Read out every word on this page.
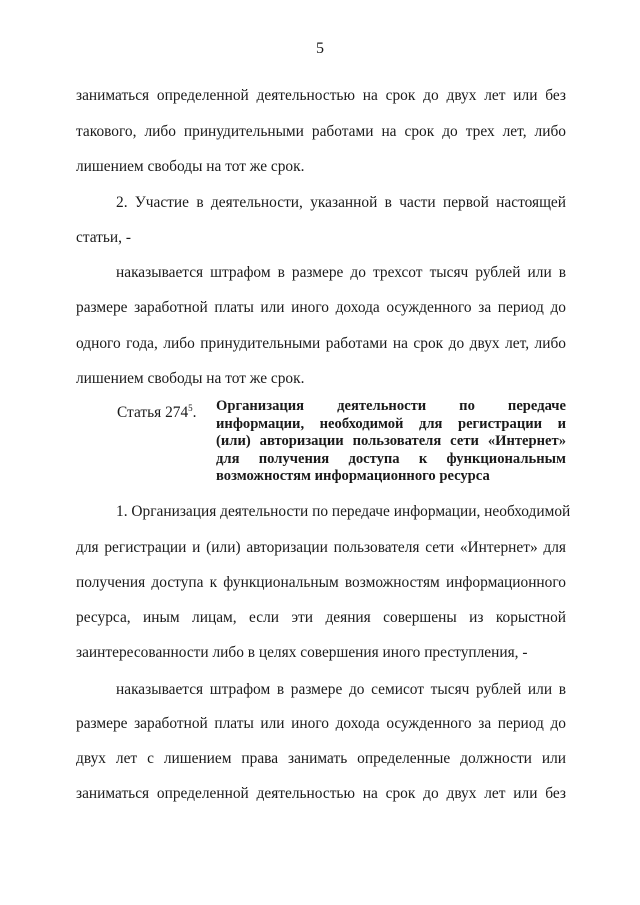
5
заниматься определенной деятельностью на срок до двух лет или без
такового, либо принудительными работами на срок до трех лет, либо
лишением свободы на тот же срок.
2. Участие в деятельности, указанной в части первой настоящей
статьи, -
наказывается штрафом в размере до трехсот тысяч рублей или в
размере заработной платы или иного дохода осужденного за период до
одного года, либо принудительными работами на срок до двух лет, либо
лишением свободы на тот же срок.
Статья $274^5$. Организация деятельности по передаче
информации, необходимой для регистрации и
(или) авторизации пользователя сети «Интернет»
для получения доступа к функциональным
возможностям информационного ресурса
1. Организация деятельности по передаче информации, необходимой
для регистрации и (или) авторизации пользователя сети «Интернет» для
получения доступа к функциональным возможностям информационного
ресурса, иным лицам, если эти деяния совершены из корыстной
заинтересованности либо в целях совершения иного преступления, -
наказывается штрафом в размере до семисот тысяч рублей или в
размере заработной платы или иного дохода осужденного за период до
двух лет с лишением права занимать определенные должности или
заниматься определенной деятельностью на срок до двух лет или без
